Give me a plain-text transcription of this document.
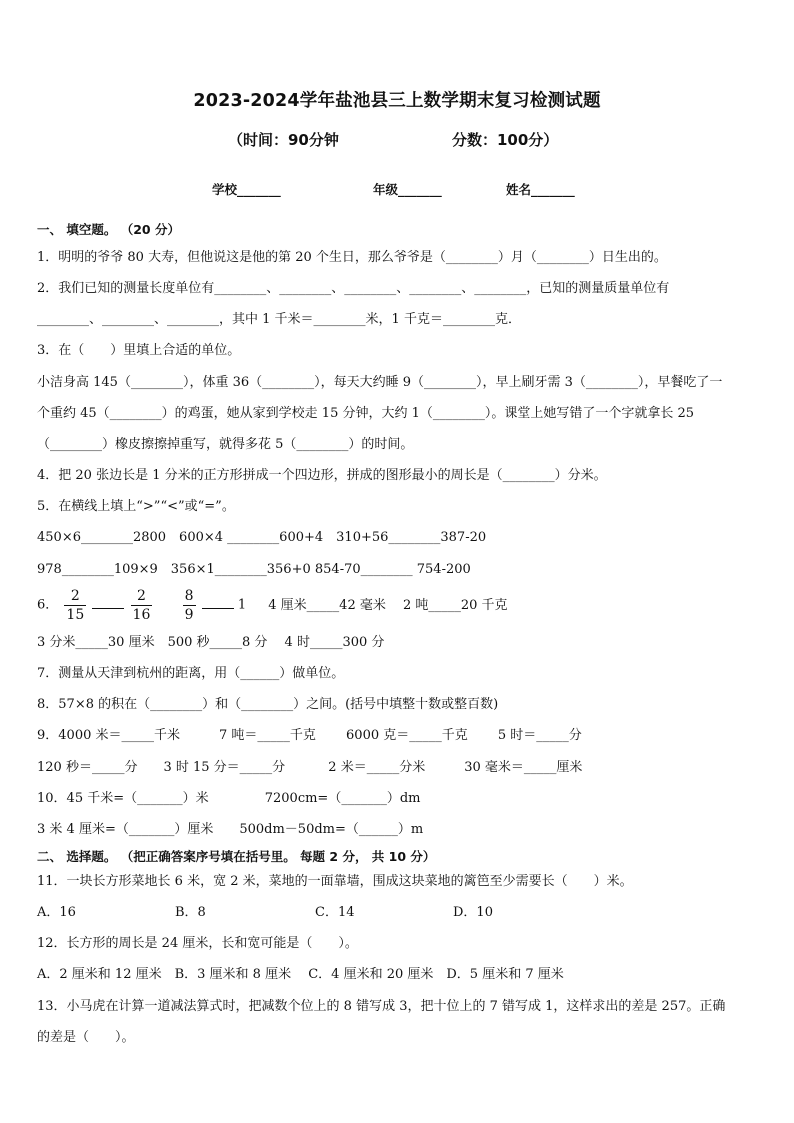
2023-2024学年盐池县三上数学期末复习检测试题
（时间：90分钟	分数：100分）
学校_______	年级_______	姓名_______
一、 填空题。 （20 分）
1．明明的爷爷 80 大寿，但他说这是他的第 20 个生日，那么爷爷是（________）月（________）日生出的。
2．我们已知的测量长度单位有________、________、________、________、________，已知的测量质量单位有
________、________、________，其中 1 千米＝________米，1 千克＝________克．
3．在（　　）里填上合适的单位。
小洁身高 145（________），体重 36（________），每天大约睡 9（________），早上刷牙需 3（________），早餐吃了一
个重约 45（________）的鸡蛋，她从家到学校走 15 分钟，大约 1（________）。课堂上她写错了一个字就拿长 25
（________）橡皮擦擦掉重写，就得多花 5（________）的时间。
4．把 20 张边长是 1 分米的正方形拼成一个四边形，拼成的图形最小的周长是（________）分米。
5．在横线上填上“>”“<”或“=”。
450×6________2800　600×4 ________600+4　310+56________387-20
978________109×9　356×1________356+0 854-70________ 754-200
6． $\frac{2}{15}$
	$\frac{2}{16}$
$\frac{8}{9}$	1 4 厘米_____42 毫米　 2 吨_____20 千克
3 分米_____30 厘米　500 秒_____8 分　 4 时_____300 分
7．测量从天津到杭州的距离，用（______）做单位。
8．57×8 的积在（________）和（________）之间。(括号中填整十数或整百数)
9．4000 米＝_____千米　　　7 吨＝_____千克　　 6000 克＝_____千克　　 5 时＝_____分
120 秒＝_____分　　3 时 15 分＝_____分　　　 2 米＝_____分米　　　30 毫米＝_____厘米
10．45 千米=（_______）米　　　　 7200cm=（_______）dm
3 米 4 厘米=（_______）厘米　　500dm－50dm=（______）m
二、 选择题。 （把正确答案序号填在括号里。 每题 2 分， 共 10 分）
11．一块长方形菜地长 6 米，宽 2 米，菜地的一面靠墙，围成这块菜地的篱笆至少需要长（　　）米。
A．16	B．8	C．14	D．10
12．长方形的周长是 24 厘米，长和宽可能是（　　）。
A．2 厘米和 12 厘米　B．3 厘米和 8 厘米　 C．4 厘米和 20 厘米　D．5 厘米和 7 厘米
13．小马虎在计算一道减法算式时，把减数个位上的 8 错写成 3，把十位上的 7 错写成 1，这样求出的差是 257。正确
的差是（　　）。
